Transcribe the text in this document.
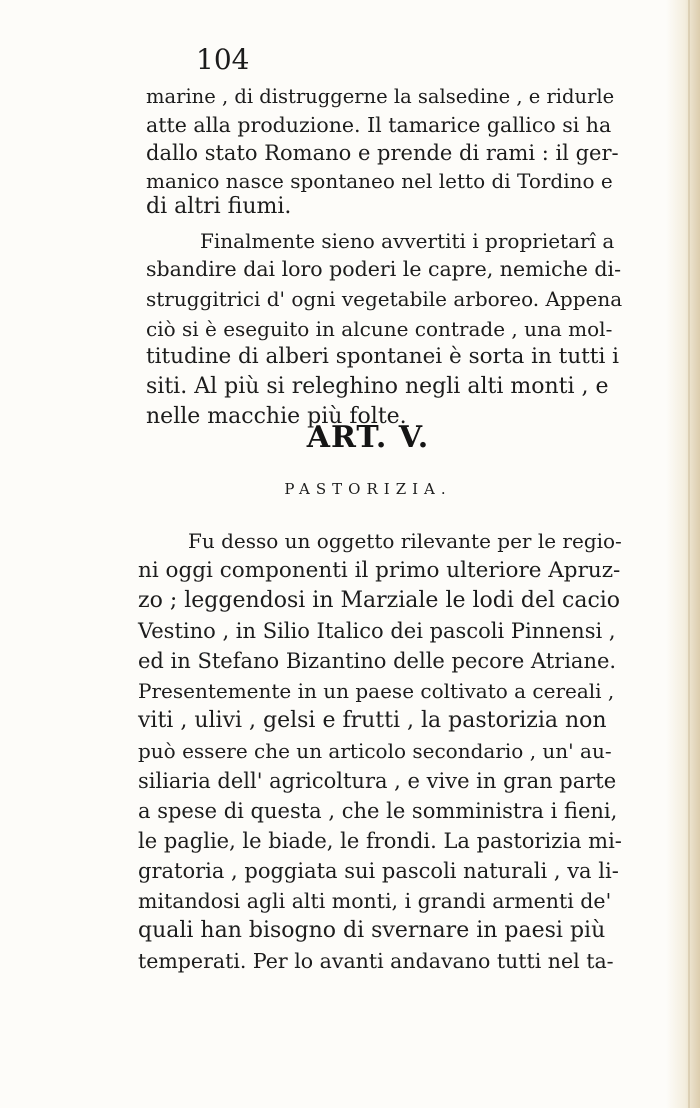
104
marine , di distruggerne la salsedine , e ridurle
atte alla produzione. Il tamarice gallico si ha
dallo stato Romano e prende di rami : il ger-
manico nasce spontaneo nel letto di Tordino e
di altri fiumi.
Finalmente sieno avvertiti i proprietarî a
sbandire dai loro poderi le capre, nemiche di-
struggitrici d' ogni vegetabile arboreo. Appena
ciò si è eseguito in alcune contrade , una mol-
titudine di alberi spontanei è sorta in tutti i
siti. Al più si releghino negli alti monti , e
nelle macchie più folte.
ART. V.
PASTORIZIA.
Fu desso un oggetto rilevante per le regio-
ni oggi componenti il primo ulteriore Apruz-
zo ; leggendosi in Marziale le lodi del cacio
Vestino , in Silio Italico dei pascoli Pinnensi ,
ed in Stefano Bizantino delle pecore Atriane.
Presentemente in un paese coltivato a cereali ,
viti , ulivi , gelsi e frutti , la pastorizia non
può essere che un articolo secondario , un' au-
siliaria dell' agricoltura , e vive in gran parte
a spese di questa , che le somministra i fieni,
le paglie, le biade, le frondi. La pastorizia mi-
gratoria , poggiata sui pascoli naturali , va li-
mitandosi agli alti monti, i grandi armenti de'
quali han bisogno di svernare in paesi più
temperati. Per lo avanti andavano tutti nel ta-
